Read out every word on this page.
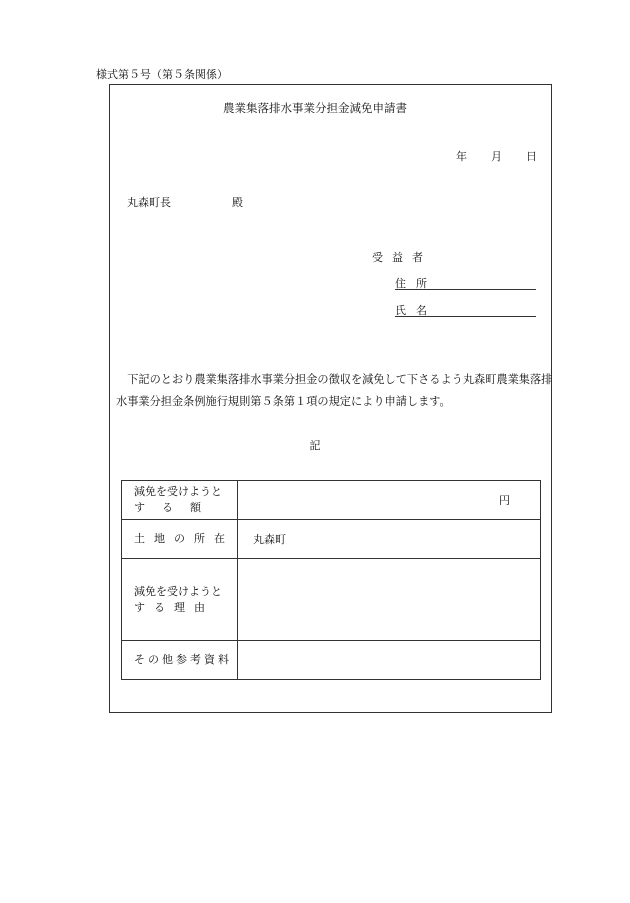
様式第５号（第５条関係）
農業集落排水事業分担金減免申請書
年 月 日
丸森町長	殿
受益者
住所
氏名
　下記のとおり農業集落排水事業分担金の徴収を減免して下さるよう丸森町農業集落排水事業分担金条例施行規則第５条第１項の規定により申請します。
記
減免を受けようと
する額	円
土地の所在	丸森町
減免を受けようと
する理由	

その他参考資料	
